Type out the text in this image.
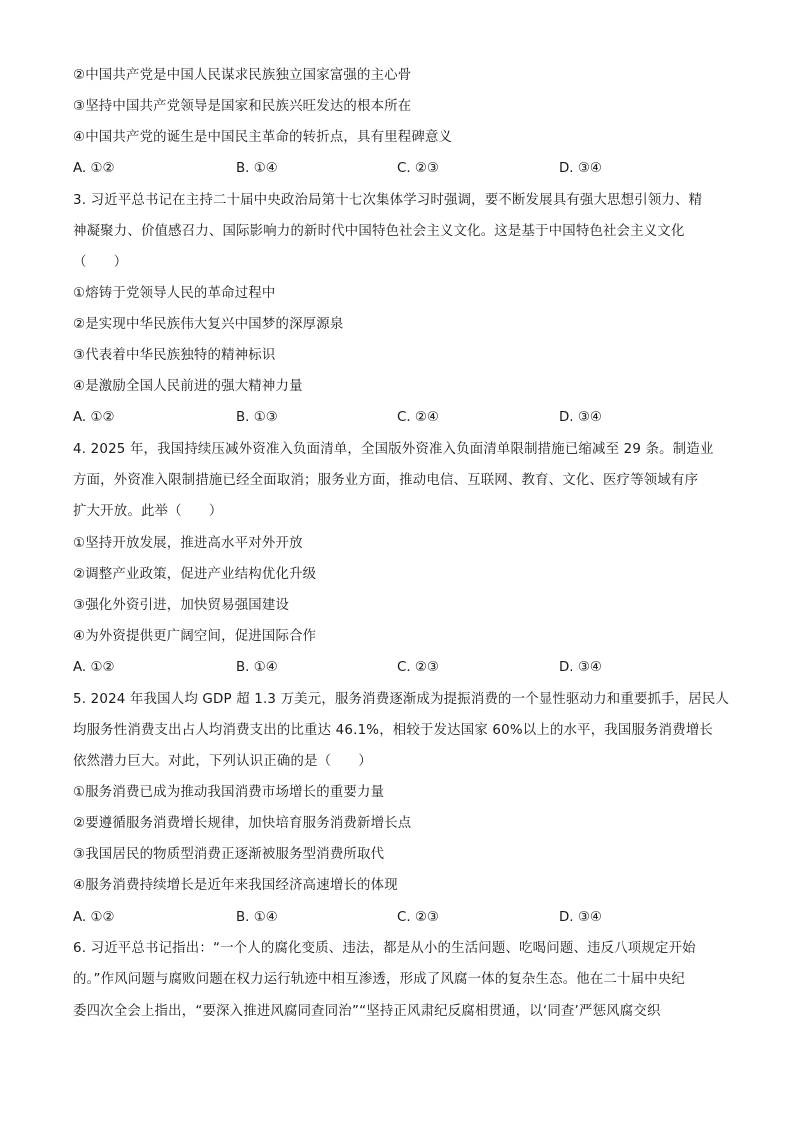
②中国共产党是中国人民谋求民族独立国家富强的主心骨
③坚持中国共产党领导是国家和民族兴旺发达的根本所在
④中国共产党的诞生是中国民主革命的转折点，具有里程碑意义
A. ①②	B. ①④	C. ②③	D. ③④
3. 习近平总书记在主持二十届中央政治局第十七次集体学习时强调，要不断发展具有强大思想引领力、精
神凝聚力、价值感召力、国际影响力的新时代中国特色社会主义文化。这是基于中国特色社会主义文化
（　　）
①熔铸于党领导人民的革命过程中
②是实现中华民族伟大复兴中国梦的深厚源泉
③代表着中华民族独特的精神标识
④是激励全国人民前进的强大精神力量
A. ①②	B. ①③	C. ②④	D. ③④
4. 2025 年，我国持续压减外资准入负面清单，全国版外资准入负面清单限制措施已缩减至 29 条。制造业
方面，外资准入限制措施已经全面取消；服务业方面，推动电信、互联网、教育、文化、医疗等领域有序
扩大开放。此举（　　）
①坚持开放发展，推进高水平对外开放
②调整产业政策，促进产业结构优化升级
③强化外资引进，加快贸易强国建设
④为外资提供更广阔空间，促进国际合作
A. ①②	B. ①④	C. ②③	D. ③④
5. 2024 年我国人均 GDP 超 1.3 万美元，服务消费逐渐成为提振消费的一个显性驱动力和重要抓手，居民人
均服务性消费支出占人均消费支出的比重达 46.1%，相较于发达国家 60%以上的水平，我国服务消费增长
依然潜力巨大。对此，下列认识正确的是（　　）
①服务消费已成为推动我国消费市场增长的重要力量
②要遵循服务消费增长规律，加快培育服务消费新增长点
③我国居民的物质型消费正逐渐被服务型消费所取代
④服务消费持续增长是近年来我国经济高速增长的体现
A. ①②	B. ①④	C. ②③	D. ③④
6. 习近平总书记指出：“一个人的腐化变质、违法，都是从小的生活问题、吃喝问题、违反八项规定开始
的。”作风问题与腐败问题在权力运行轨迹中相互渗透，形成了风腐一体的复杂生态。他在二十届中央纪
委四次全会上指出，“要深入推进风腐同查同治”“坚持正风肃纪反腐相贯通，以‘同查’严惩风腐交织
